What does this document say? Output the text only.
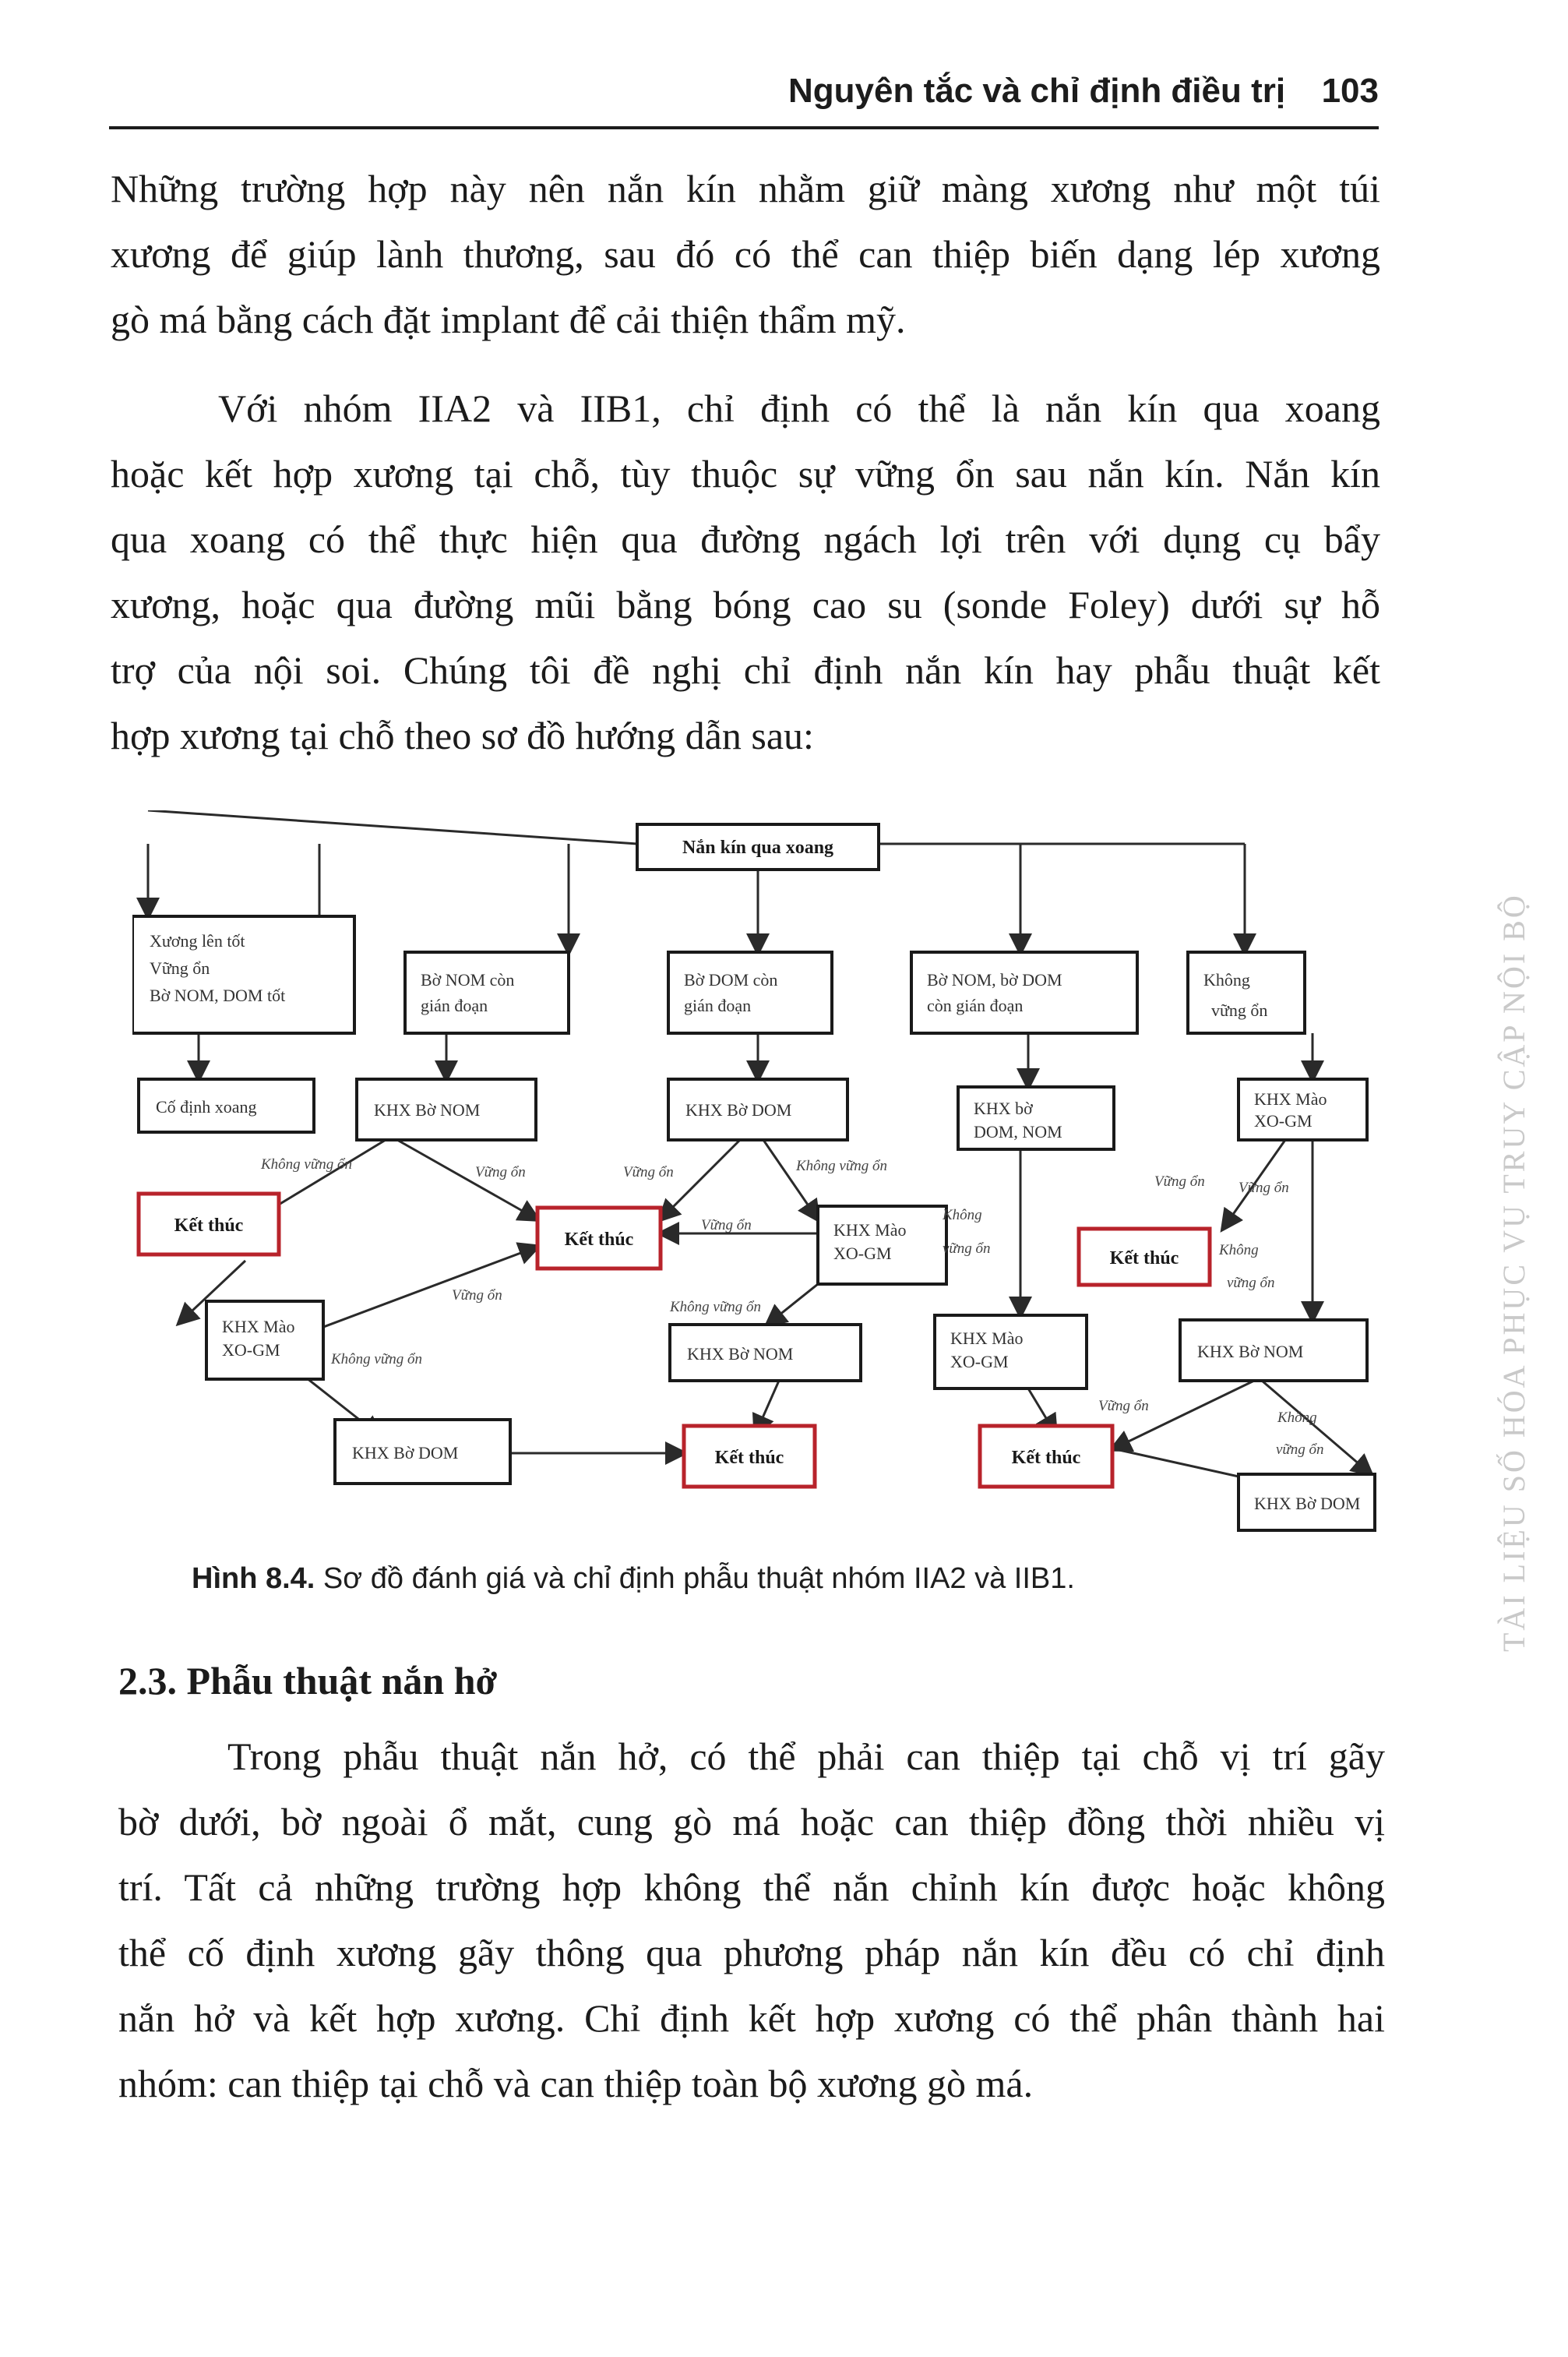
Nguyên tắc và chỉ định điều trị 103
Những trường hợp này nên nắn kín nhằm giữ màng xương như một túi
xương để giúp lành thương, sau đó có thể can thiệp biến dạng lép xương
gò má bằng cách đặt implant để cải thiện thẩm mỹ.
Với nhóm IIA2 và IIB1, chỉ định có thể là nắn kín qua xoang
hoặc kết hợp xương tại chỗ, tùy thuộc sự vững ổn sau nắn kín. Nắn kín
qua xoang có thể thực hiện qua đường ngách lợi trên với dụng cụ bẩy
xương, hoặc qua đường mũi bằng bóng cao su (sonde Foley) dưới sự hỗ
trợ của nội soi. Chúng tôi đề nghị chỉ định nắn kín hay phẫu thuật kết
hợp xương tại chỗ theo sơ đồ hướng dẫn sau:
Nắn kín qua xoang
Xương lên tốt
Vững ổn
Bờ NOM, DOM tốt
Bờ NOM còn
gián đoạn
Bờ DOM còn
gián đoạn
Bờ NOM, bờ DOM
còn gián đoạn
Không
vững ổn
Cố định xoang	KHX Bờ NOM	KHX Bờ DOM	KHX bờ
DOM, NOM
KHX Mào
XO-GM
Kết thúc
Kết thúc
Kết thúc
Kết thúc	Kết thúc
KHX Mào
XO-GM
KHX Mào
XO-GM
KHX Mào
XO-GM
KHX Bờ NOM	KHX Bờ NOM
KHX Bờ DOM
KHX Bờ DOM
Không vững ổn	Vững ổn	Vững ổn	Không vững ổn
Vững ổn
Vững ổn
Không vững ổn
Không vững ổn
Vững ổn Vững ổn
Không
vững ổn	Không
vững ổn
Vững ổn
Không
vững ổn

Hình 8.4. Sơ đồ đánh giá và chỉ định phẫu thuật nhóm IIA2 và IIB1.

2.3. Phẫu thuật nắn hở
Trong phẫu thuật nắn hở, có thể phải can thiệp tại chỗ vị trí gãy
bờ dưới, bờ ngoài ổ mắt, cung gò má hoặc can thiệp đồng thời nhiều vị
trí. Tất cả những trường hợp không thể nắn chỉnh kín được hoặc không
thể cố định xương gãy thông qua phương pháp nắn kín đều có chỉ định
nắn hở và kết hợp xương. Chỉ định kết hợp xương có thể phân thành hai
nhóm: can thiệp tại chỗ và can thiệp toàn bộ xương gò má.
TÀI LIỆU SỐ HÓA PHỤC VỤ TRUY CẬP NỘI BỘ
